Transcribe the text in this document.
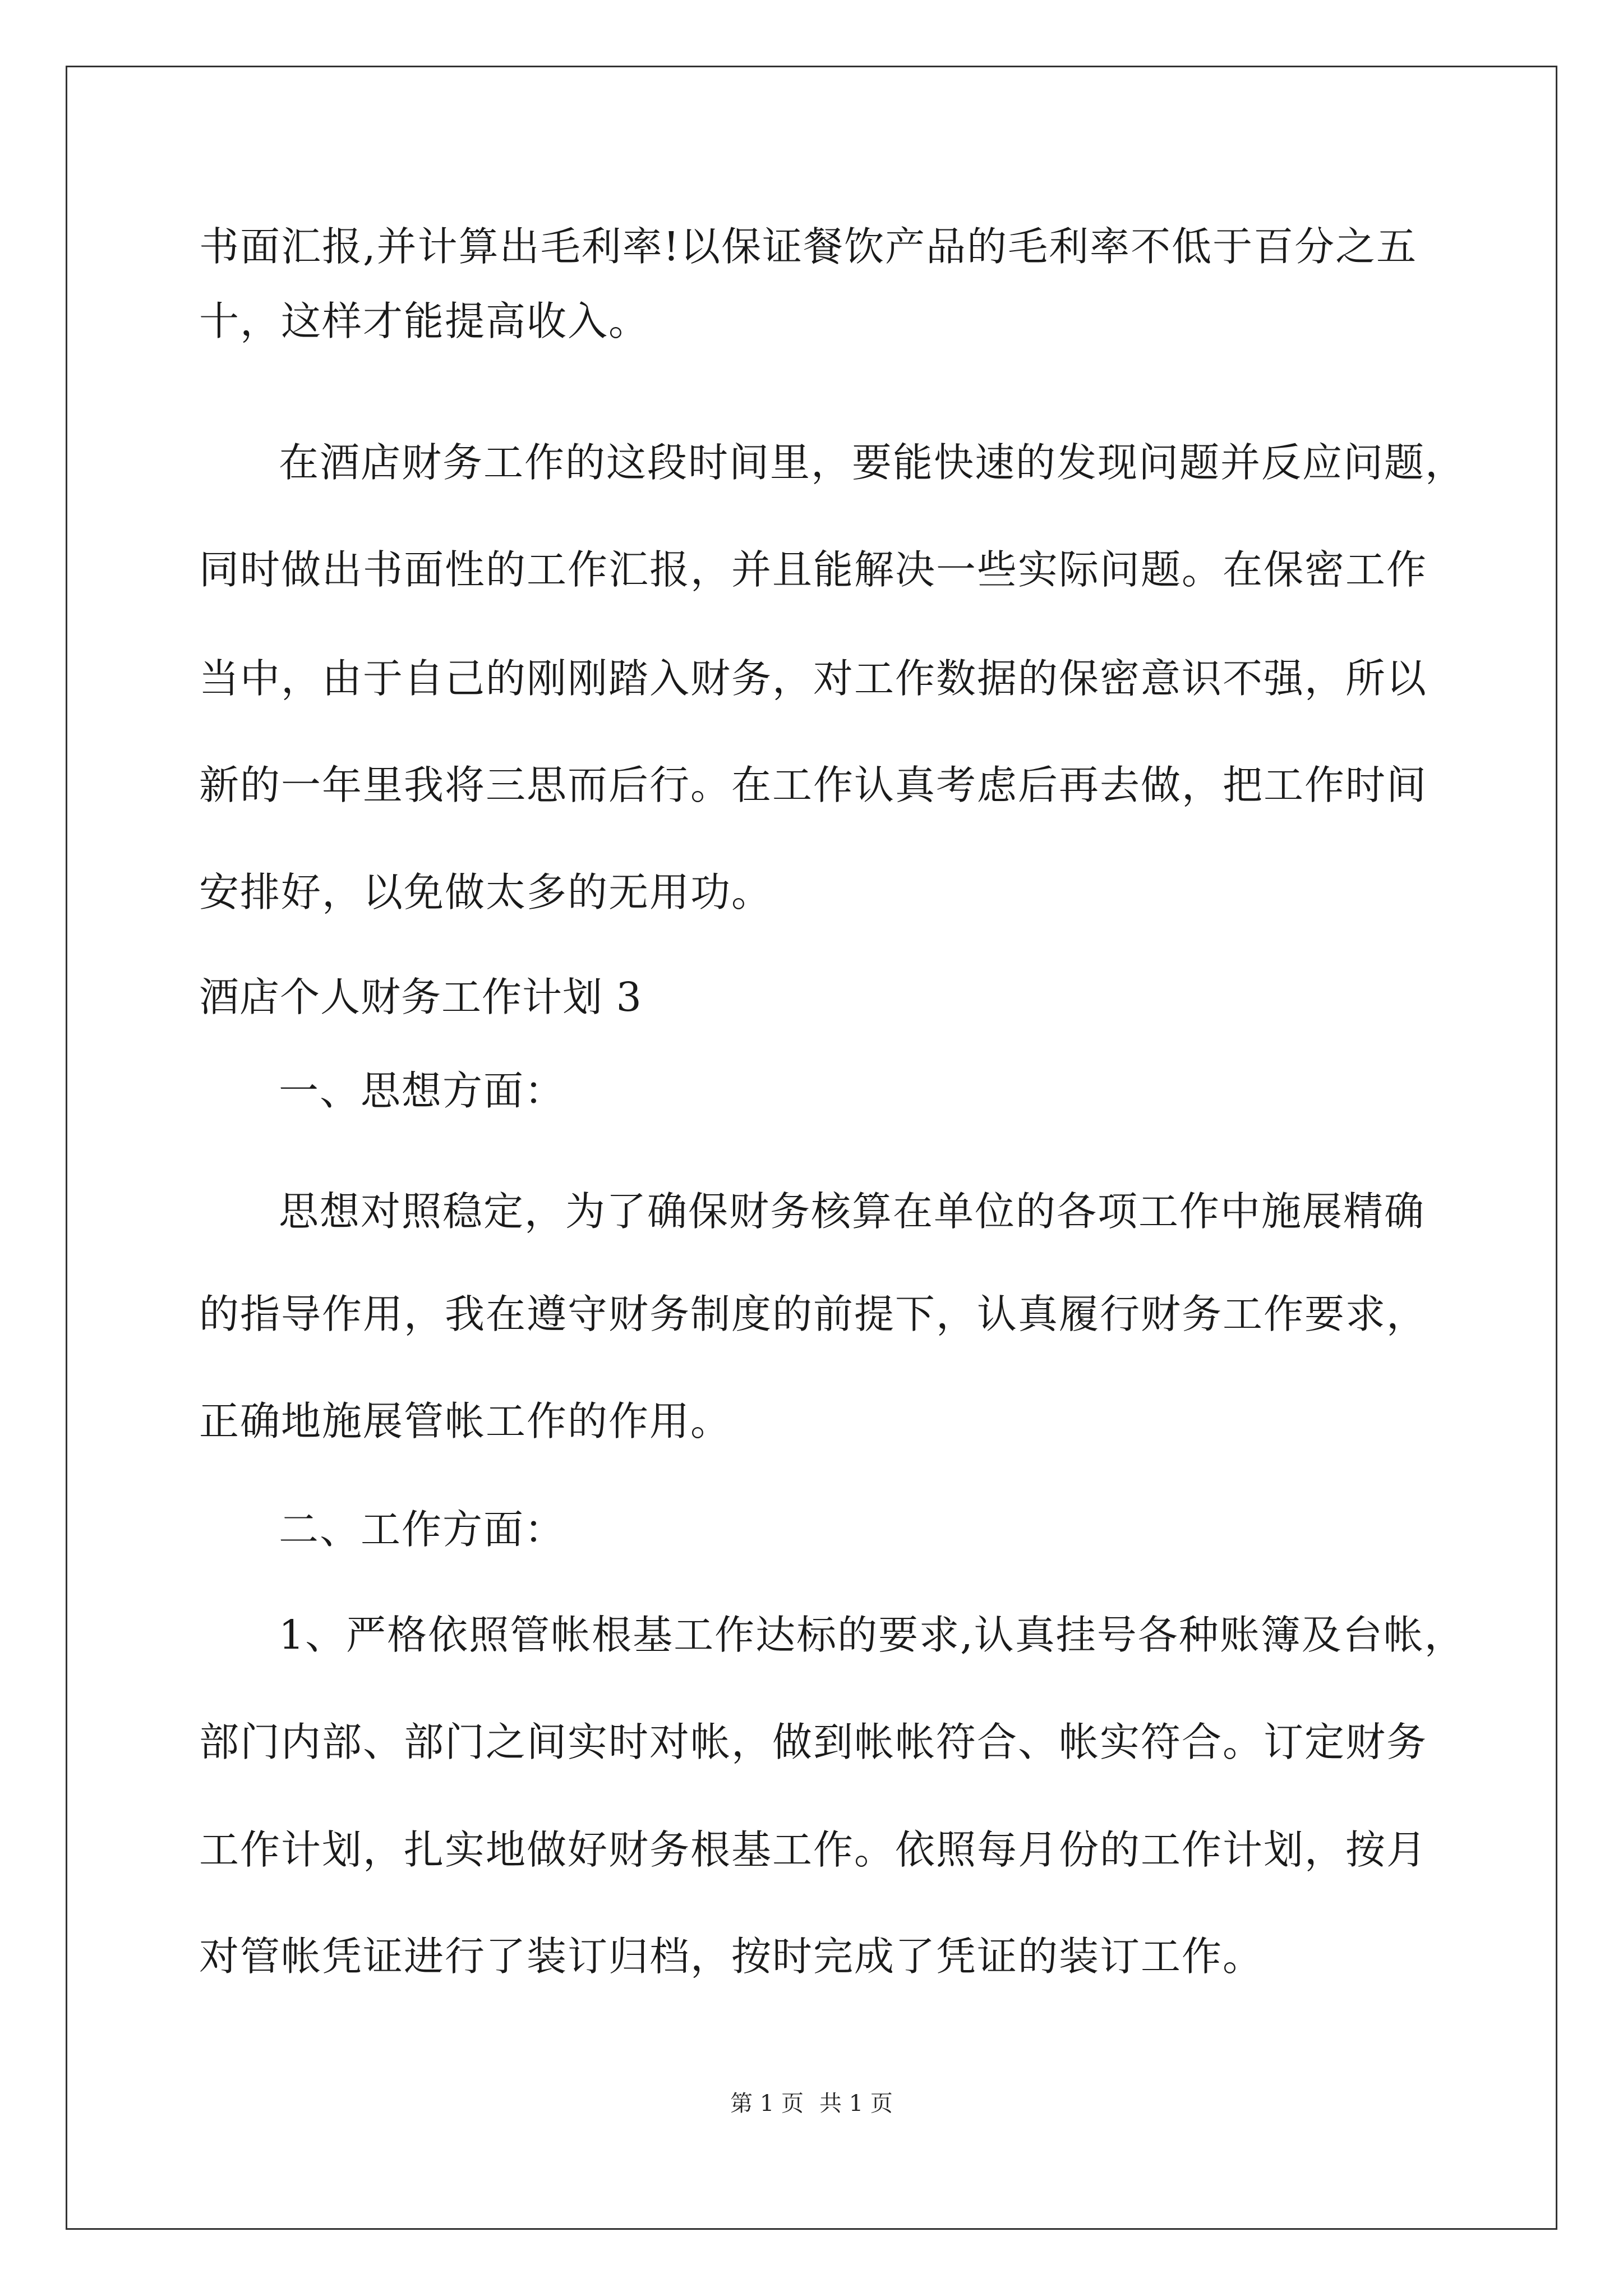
书面汇报,并计算出毛利率!以保证餐饮产品的毛利率不低于百分之五
十，这样才能提高收入。
在酒店财务工作的这段时间里，要能快速的发现问题并反应问题，
同时做出书面性的工作汇报，并且能解决一些实际问题。在保密工作
当中，由于自己的刚刚踏入财务，对工作数据的保密意识不强，所以
新的一年里我将三思而后行。在工作认真考虑后再去做，把工作时间
安排好，以免做太多的无用功。
酒店个人财务工作计划 3
一、思想方面：
思想对照稳定，为了确保财务核算在单位的各项工作中施展精确
的指导作用，我在遵守财务制度的前提下，认真履行财务工作要求，
正确地施展管帐工作的作用。
二、工作方面：
1、严格依照管帐根基工作达标的要求,认真挂号各种账簿及台帐，
部门内部、部门之间实时对帐，做到帐帐符合、帐实符合。订定财务
工作计划，扎实地做好财务根基工作。依照每月份的工作计划，按月
对管帐凭证进行了装订归档，按时完成了凭证的装订工作。
第 1 页 共 1 页
